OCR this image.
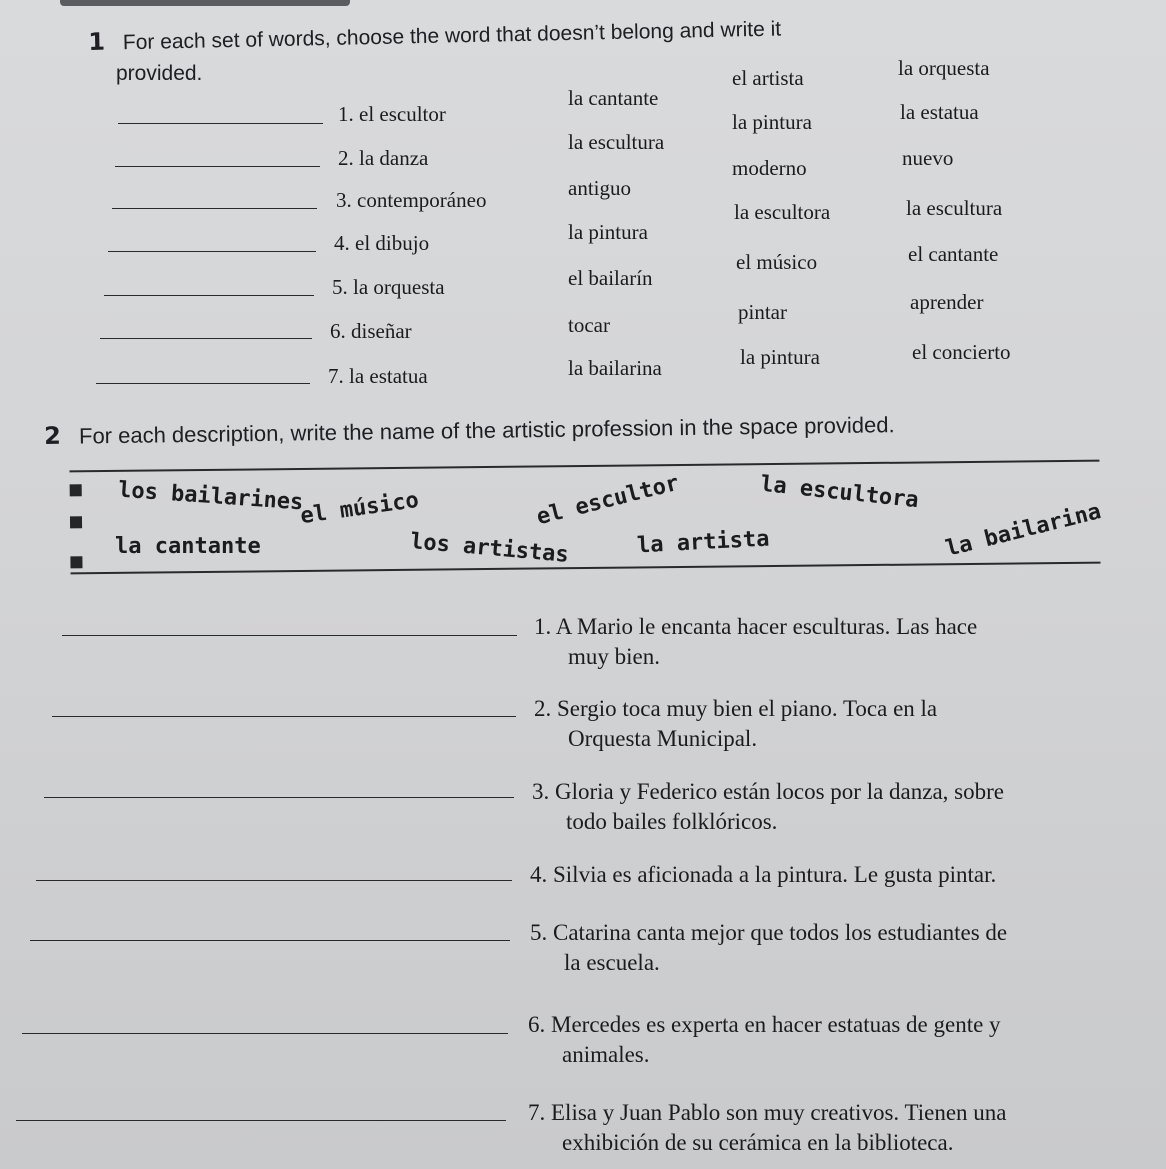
1 For each set of words, choose the word that doesn’t belong and write it
provided.
1. el escultor
la cantante
el artista	la orquesta
2. la danza
la escultura
la pintura	la estatua
3. contemporáneo	antiguo
moderno	nuevo
4. el dibujo	la pintura
la escultora	la escultura
5. la orquesta	el bailarín
el músico	el cantante
6. diseñar	tocar
pintar	aprender
7. la estatua	la bailarina	la pintura	el concierto
2 For each description, write the name of the artistic profession in the space provided.
los bailarines
el músico	el escultor	la escultora
la cantante	los artistas	la artista	la bailarina
1. A Mario le encanta hacer esculturas. Las hace
muy bien.
2. Sergio toca muy bien el piano. Toca en la
Orquesta Municipal.
3. Gloria y Federico están locos por la danza, sobre
todo bailes folklóricos.
4. Silvia es aficionada a la pintura. Le gusta pintar.
5. Catarina canta mejor que todos los estudiantes de
la escuela.
6. Mercedes es experta en hacer estatuas de gente y
animales.
7. Elisa y Juan Pablo son muy creativos. Tienen una
exhibición de su cerámica en la biblioteca.
